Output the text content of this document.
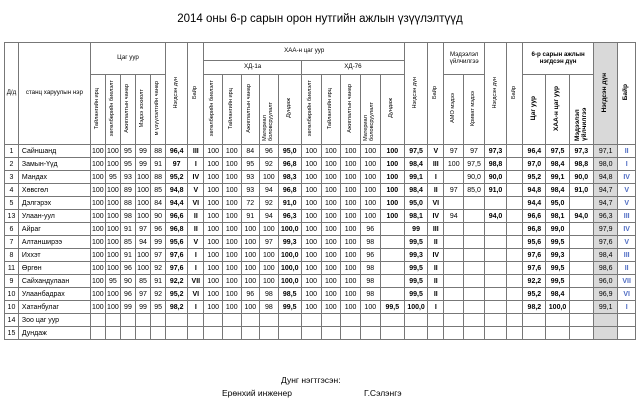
2014 оны 6-р сарын орон нутгийн ажлын үзүүлэлтүүд
Д/д	станц харуулын нэр	Цаг уур					Нэгдсэн дүн	Байр	ХАА-н цаг уур										Нэгдсэн дүн	Байр	Мэдээлэл үйлчилгээ		Нэгдсэн дүн	Байр	6-р сарын ажлын нэгдсэн дүн			Нэгдсэн дүн	Байр
									ХД-1а					ХД-76															
		Тайлангийн ирц	хөтөлбөрийн биелэлт	Ажиглалтын чанар	Мэдээ зохиолт	м үзүүлэлтийн чанар			хөтөлбөрийн биелэлт	Тайлангийн ирц	Ажиглалтын чанар	Материал боловсруулалт	Дундаж	хөтөлбөрийн биелэлт	Тайлангийн ирц	Ажиглалтын чанар	Материал боловсруулалт	Дундаж			АМО мэдээ	Криват мэдээ			Цаг уур	ХАА-н цаг уур	Мэдээлэл үйлчилгээ		
1	Сайншанд	100	100	95	99	88	96,4	III	100	100	84	96	95,0	100	100	100	100	100	97,5	V	97	97	97,3		96,4	97,5	97,3	97,1	II
2	Замын-Үүд	100	100	95	99	91	97	I	100	100	95	92	96,8	100	100	100	100	100	98,4	III	100	97,5	98,8		97,0	98,4	98,8	98,0	I
3	Мандах	100	95	93	100	88	95,2	IV	100	100	93	100	98,3	100	100	100	100	100	99,1	I		90,0	90,0		95,2	99,1	90,0	94,8	IV
4	Хөвсгөл	100	100	89	100	85	94,8	V	100	100	93	94	96,8	100	100	100	100	100	98,4	II	97	85,0	91,0		94,8	98,4	91,0	94,7	V
5	Дэлгэрэх	100	100	88	100	84	94,4	VI	100	100	72	92	91,0	100	100	100	100	100	95,0	VI					94,4	95,0		94,7	V
13	Улаан-уул	100	100	98	100	90	96,6	II	100	100	91	94	96,3	100	100	100	100	100	98,1	IV	94		94,0		96,6	98,1	94,0	96,3	III
6	Айраг	100	100	91	97	96	96,8	II	100	100	100	100	100,0	100	100	100	96		99	III					96,8	99,0		97,9	IV
7	Алтанширээ	100	100	85	94	99	95,6	V	100	100	100	97	99,3	100	100	100	98		99,5	II					95,6	99,5		97,6	V
8	Иххэт	100	100	91	100	97	97,6	I	100	100	100	100	100,0	100	100	100	96		99,3	IV					97,6	99,3		98,4	III
11	Өргөн	100	100	96	100	92	97,6	I	100	100	100	100	100,0	100	100	100	98		99,5	II					97,6	99,5		98,6	II
9	Сайхандулаан	100	95	90	85	91	92,2	VII	100	100	100	100	100,0	100	100	100	98		99,5	II					92,2	99,5		96,0	VII
10	Улаанбадрах	100	100	96	97	92	95,2	VI	100	100	96	98	98,5	100	100	100	98		99,5	II					95,2	98,4		96,9	VI
10	Хатанбулаг	100	100	99	99	95	98,2	I	100	100	100	98	99,5	100	100	100	100	99,5	100,0	I					98,2	100,0		99,1	I
14	Зоо цаг уур																												
15	Дундаж																												
Дунг нэгтгэсэн:
Ерөнхий инженер	Г.Сэлэнгэ
